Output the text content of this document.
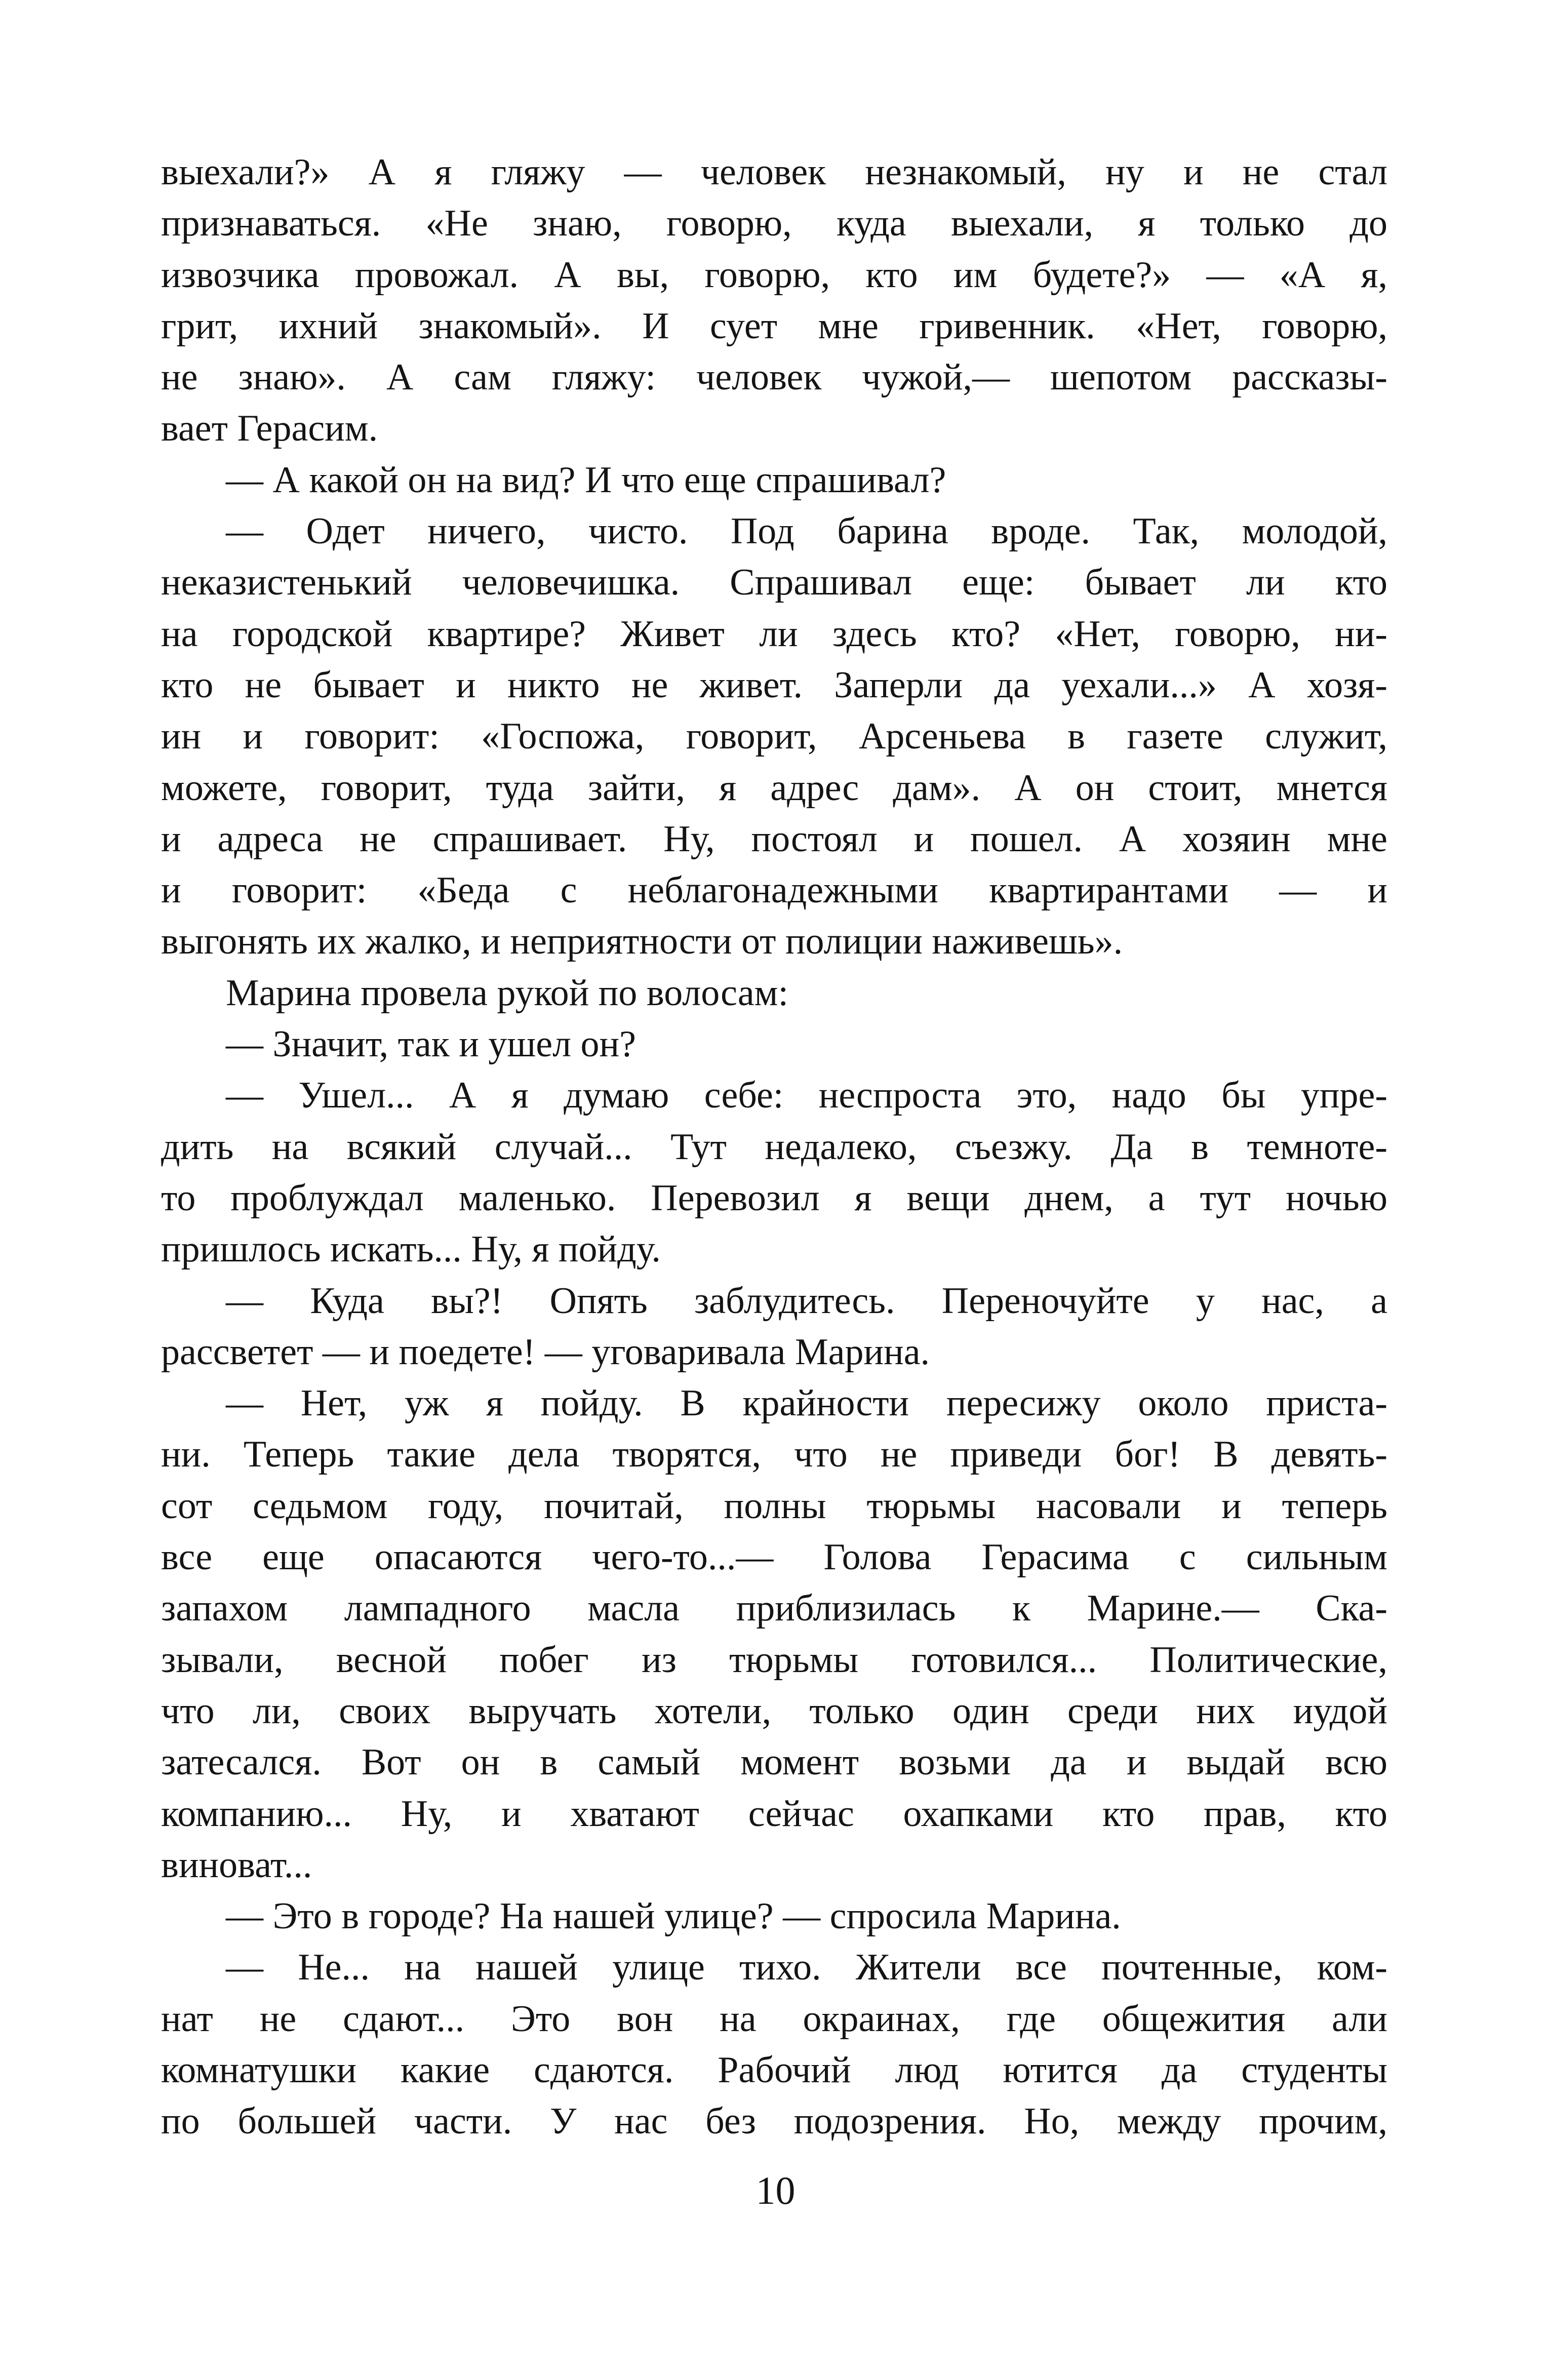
выехали?» А я гляжу — человек незнакомый, ну и не стал
признаваться. «Не знаю, говорю, куда выехали, я только до
извозчика провожал. А вы, говорю, кто им будете?» — «А я,
грит, ихний знакомый». И сует мне гривенник. «Нет, говорю,
не знаю». А сам гляжу: человек чужой,— шепотом рассказы-
вает Герасим.
— А какой он на вид? И что еще спрашивал?
— Одет ничего, чисто. Под барина вроде. Так, молодой,
неказистенький человечишка. Спрашивал еще: бывает ли кто
на городской квартире? Живет ли здесь кто? «Нет, говорю, ни-
кто не бывает и никто не живет. Заперли да уехали...» А хозя-
ин и говорит: «Госпожа, говорит, Арсеньева в газете служит,
можете, говорит, туда зайти, я адрес дам». А он стоит, мнется
и адреса не спрашивает. Ну, постоял и пошел. А хозяин мне
и говорит: «Беда с неблагонадежными квартирантами — и
выгонять их жалко, и неприятности от полиции наживешь».
Марина провела рукой по волосам:
— Значит, так и ушел он?
— Ушел... А я думаю себе: неспроста это, надо бы упре-
дить на всякий случай... Тут недалеко, съезжу. Да в темноте-
то проблуждал маленько. Перевозил я вещи днем, а тут ночью
пришлось искать... Ну, я пойду.
— Куда вы?! Опять заблудитесь. Переночуйте у нас, а
рассветет — и поедете! — уговаривала Марина.
— Нет, уж я пойду. В крайности пересижу около приста-
ни. Теперь такие дела творятся, что не приведи бог! В девять-
сот седьмом году, почитай, полны тюрьмы насовали и теперь
все еще опасаются чего-то...— Голова Герасима с сильным
запахом лампадного масла приблизилась к Марине.— Ска-
зывали, весной побег из тюрьмы готовился... Политические,
что ли, своих выручать хотели, только один среди них иудой
затесался. Вот он в самый момент возьми да и выдай всю
компанию... Ну, и хватают сейчас охапками кто прав, кто
виноват...
— Это в городе? На нашей улице? — спросила Марина.
— Не... на нашей улице тихо. Жители все почтенные, ком-
нат не сдают... Это вон на окраинах, где общежития али
комнатушки какие сдаются. Рабочий люд ютится да студенты
по большей части. У нас без подозрения. Но, между прочим,
10
